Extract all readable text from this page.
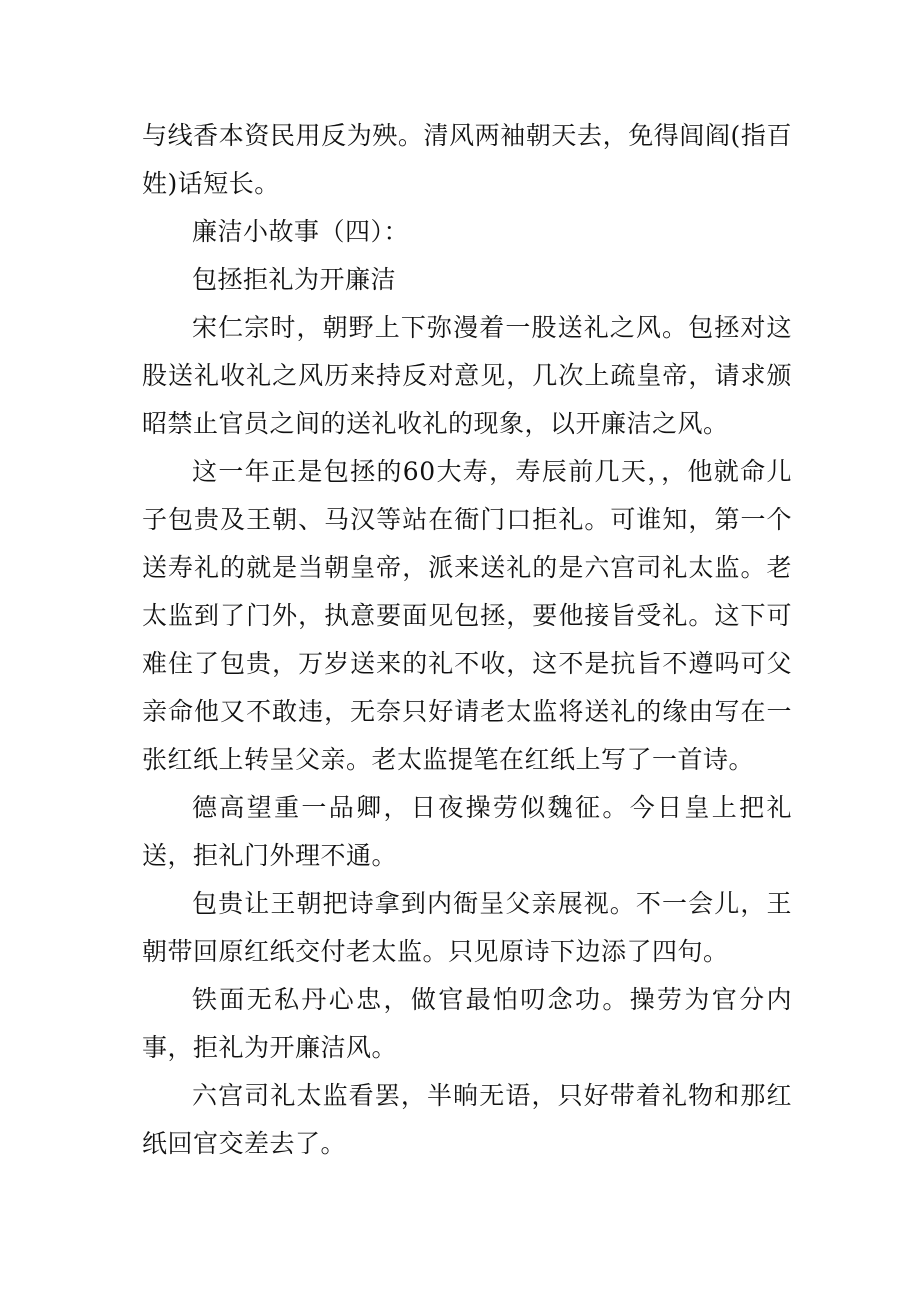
与线香本资民用反为殃。清风两袖朝天去，免得闾阎(指百姓)话短长。

廉洁小故事（四）：

包拯拒礼为开廉洁

宋仁宗时，朝野上下弥漫着一股送礼之风。包拯对这股送礼收礼之风历来持反对意见，几次上疏皇帝，请求颁昭禁止官员之间的送礼收礼的现象，以开廉洁之风。

这一年正是包拯的60大寿，寿辰前几天，，他就命儿子包贵及王朝、马汉等站在衙门口拒礼。可谁知，第一个送寿礼的就是当朝皇帝，派来送礼的是六宫司礼太监。老太监到了门外，执意要面见包拯，要他接旨受礼。这下可难住了包贵，万岁送来的礼不收，这不是抗旨不遵吗可父亲命他又不敢违，无奈只好请老太监将送礼的缘由写在一张红纸上转呈父亲。老太监提笔在红纸上写了一首诗。

德高望重一品卿，日夜操劳似魏征。今日皇上把礼送，拒礼门外理不通。

包贵让王朝把诗拿到内衙呈父亲展视。不一会儿，王朝带回原红纸交付老太监。只见原诗下边添了四句。

铁面无私丹心忠，做官最怕叨念功。操劳为官分内事，拒礼为开廉洁风。

六宫司礼太监看罢，半晌无语，只好带着礼物和那红纸回官交差去了。
